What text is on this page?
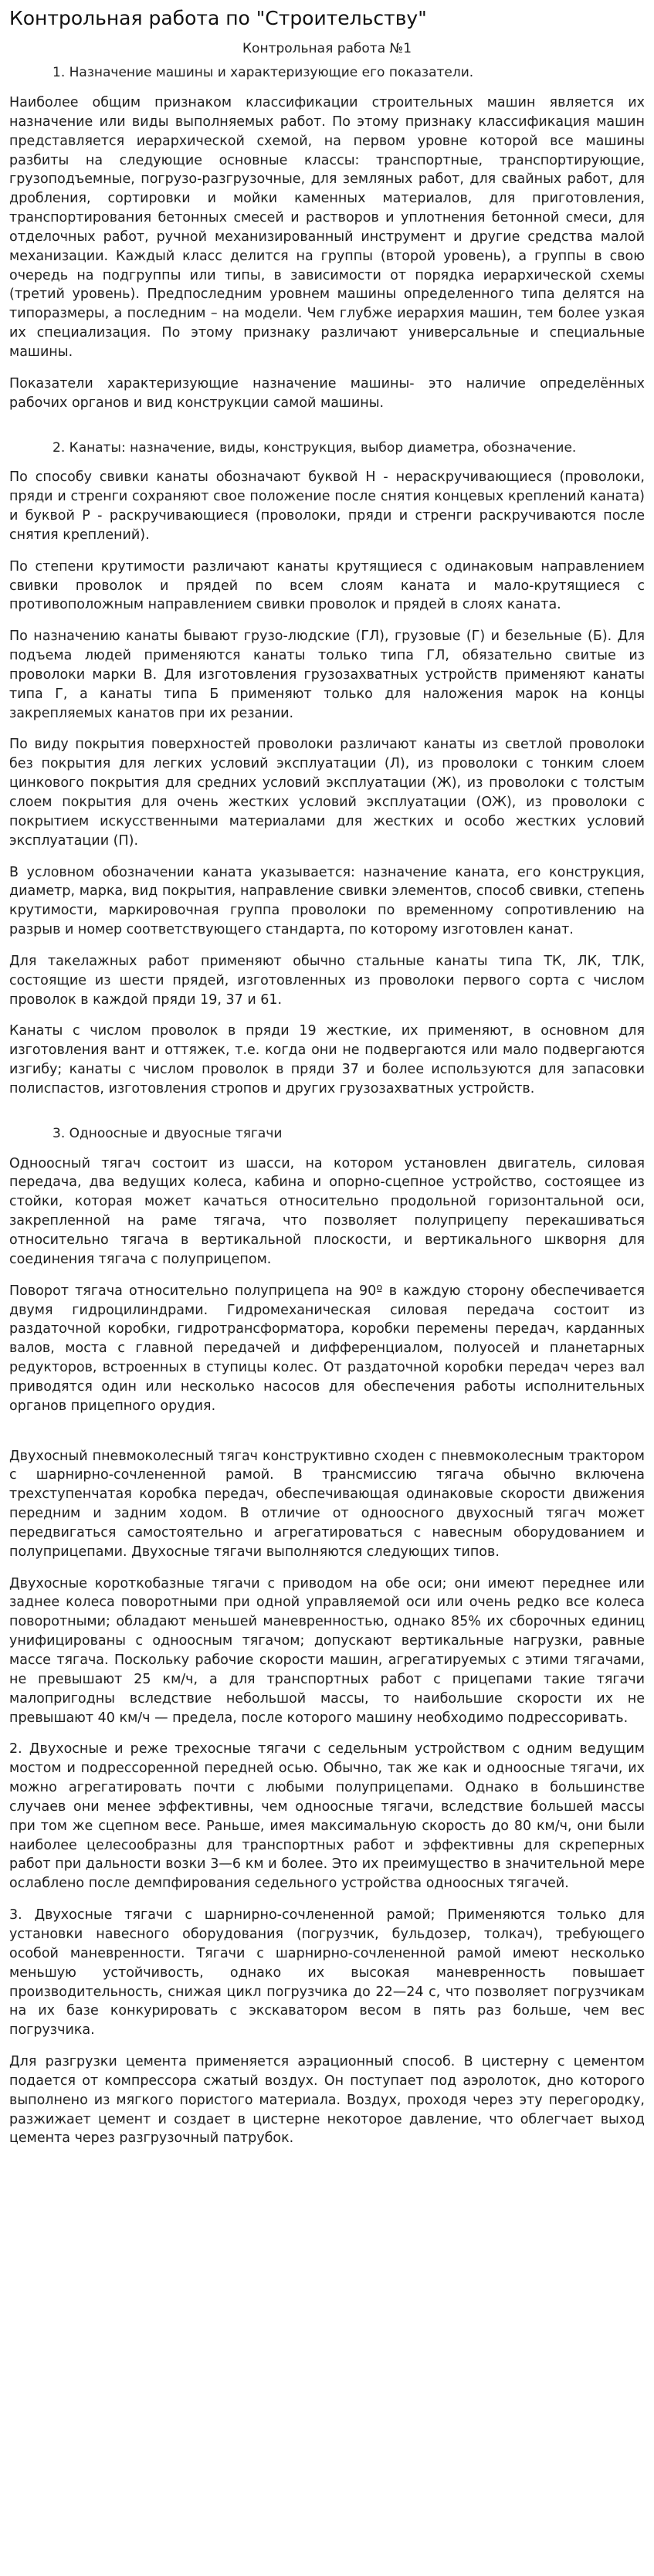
Контрольная работа по "Строительству"
Контрольная работа №1
1. Назначение машины и характеризующие его показатели.

Наиболее общим признаком классификации строительных машин является их назначение или виды выполняемых работ. По этому признаку классификация машин представляется иерархической схемой, на первом уровне которой все машины разбиты на следующие основные классы: транспортные, транспортирующие, грузоподъемные, погрузо-разгрузочные, для земляных работ, для свайных работ, для дробления, сортировки и мойки каменных материалов, для приготовления, транспортирования бетонных смесей и растворов и уплотнения бетонной смеси, для отделочных работ, ручной механизированный инструмент и другие средства малой механизации. Каждый класс делится на группы (второй уровень), а группы в свою очередь на подгруппы или типы, в зависимости от порядка иерархической схемы (третий уровень). Предпоследним уровнем машины определенного типа делятся на типоразмеры, а последним – на модели. Чем глубже иерархия машин, тем более узкая их специализация. По этому признаку различают универсальные и специальные машины.

Показатели характеризующие назначение машины- это наличие определённых рабочих органов и вид конструкции самой машины.

2. Канаты: назначение, виды, конструкция, выбор диаметра, обозначение.

По способу свивки канаты обозначают буквой Н - нераскручивающиеся (проволоки, пряди и стренги сохраняют свое положение после снятия концевых креплений каната) и буквой Р - раскручивающиеся (проволоки, пряди и стренги раскручиваются после снятия креплений).

По степени крутимости различают канаты крутящиеся с одинаковым направлением свивки проволок и прядей по всем слоям каната и мало-крутящиеся с противоположным направлением свивки проволок и прядей в слоях каната.

По назначению канаты бывают грузо-людские (ГЛ), грузовые (Г) и безельные (Б). Для подъема людей применяются канаты только типа ГЛ, обязательно свитые из проволоки марки В. Для изготовления грузозахватных устройств применяют канаты типа Г, а канаты типа Б применяют только для наложения марок на концы закрепляемых канатов при их резании.

По виду покрытия поверхностей проволоки различают канаты из светлой проволоки без покрытия для легких условий эксплуатации (Л), из проволоки с тонким слоем цинкового покрытия для средних условий эксплуатации (Ж), из проволоки с толстым слоем покрытия для очень жестких условий эксплуатации (ОЖ), из проволоки с покрытием искусственными материалами для жестких и особо жестких условий эксплуатации (П).

В условном обозначении каната указывается: назначение каната, его конструкция, диаметр, марка, вид покрытия, направление свивки элементов, способ свивки, степень крутимости, маркировочная группа проволоки по временному сопротивлению на разрыв и номер соответствующего стандарта, по которому изготовлен канат.

Для такелажных работ применяют обычно стальные канаты типа ТК, ЛК, ТЛК, состоящие из шести прядей, изготовленных из проволоки первого сорта с числом проволок в каждой пряди 19, 37 и 61.

Канаты с числом проволок в пряди 19 жесткие, их применяют, в основном для изготовления вант и оттяжек, т.е. когда они не подвергаются или мало подвергаются изгибу; канаты с числом проволок в пряди 37 и более используются для запасовки полиспастов, изготовления стропов и других грузозахватных устройств.

3. Одноосные и двуосные тягачи

Одноосный тягач состоит из шасси, на котором установлен двигатель, силовая передача, два ведущих колеса, кабина и опорно-сцепное устройство, состоящее из стойки, которая может качаться относительно продольной горизонтальной оси, закрепленной на раме тягача, что позволяет полуприцепу перекашиваться относительно тягача в вертикальной плоскости, и вертикального шкворня для соединения тягача с полуприцепом.

Поворот тягача относительно полуприцепа на 90º в каждую сторону обеспечивается двумя гидроцилиндрами. Гидромеханическая силовая передача состоит из раздаточной коробки, гидротрансформатора, коробки перемены передач, карданных валов, моста с главной передачей и дифференциалом, полуосей и планетарных редукторов, встроенных в ступицы колес. От раздаточной коробки передач через вал приводятся один или несколько насосов для обеспечения работы исполнительных органов прицепного орудия.

Двухосный пневмоколесный тягач конструктивно сходен с пневмоколесным трактором с шарнирно-сочлененной рамой. В трансмиссию тягача обычно включена трехступенчатая коробка передач, обеспечивающая одинаковые скорости движения передним и задним ходом. В отличие от одноосного двухосный тягач может передвигаться самостоятельно и агрегатироваться с навесным оборудованием и полуприцепами. Двухосные тягачи выполняются следующих типов.

Двухосные короткобазные тягачи с приводом на обе оси; они имеют переднее или заднее колеса поворотными при одной управляемой оси или очень редко все колеса поворотными; обладают меньшей маневренностью, однако 85% их сборочных единиц унифицированы с одноосным тягачом; допускают вертикальные нагрузки, равные массе тягача. Поскольку рабочие скорости машин, агрегатируемых с этими тягачами, не превышают 25 км/ч, а для транспортных работ с прицепами такие тягачи малопригодны вследствие небольшой массы, то наибольшие скорости их не превышают 40 км/ч — предела, после которого машину необходимо подрессоривать.

2. Двухосные и реже трехосные тягачи с седельным устройством с одним ведущим мостом и подрессоренной передней осью. Обычно, так же как и одноосные тягачи, их можно агрегатировать почти с любыми полуприцепами. Однако в большинстве случаев они менее эффективны, чем одноосные тягачи, вследствие большей массы при том же сцепном весе. Раньше, имея максимальную скорость до 80 км/ч, они были наиболее целесообразны для транспортных работ и эффективны для скреперных работ при дальности возки 3—6 км и более. Это их преимущество в значительной мере ослаблено после демпфирования седельного устройства одноосных тягачей.

3. Двухосные тягачи с шарнирно-сочлененной рамой; Применяются только для установки навесного оборудования (погрузчик, бульдозер, толкач), требующего особой маневренности. Тягачи с шарнирно-сочлененной рамой имеют несколько меньшую устойчивость, однако их высокая маневренность повышает производительность, снижая цикл погрузчика до 22—24 с, что позволяет погрузчикам на их базе конкурировать с экскаватором весом в пять раз больше, чем вес погрузчика.

Для разгрузки цемента применяется аэрационный способ. В цистерну с цементом подается от компрессора сжатый воздух. Он поступает под аэролоток, дно которого выполнено из мягкого пористого материала. Воздух, проходя через эту перегородку, разжижает цемент и создает в цистерне некоторое давление, что облегчает выход цемента через разгрузочный патрубок.
